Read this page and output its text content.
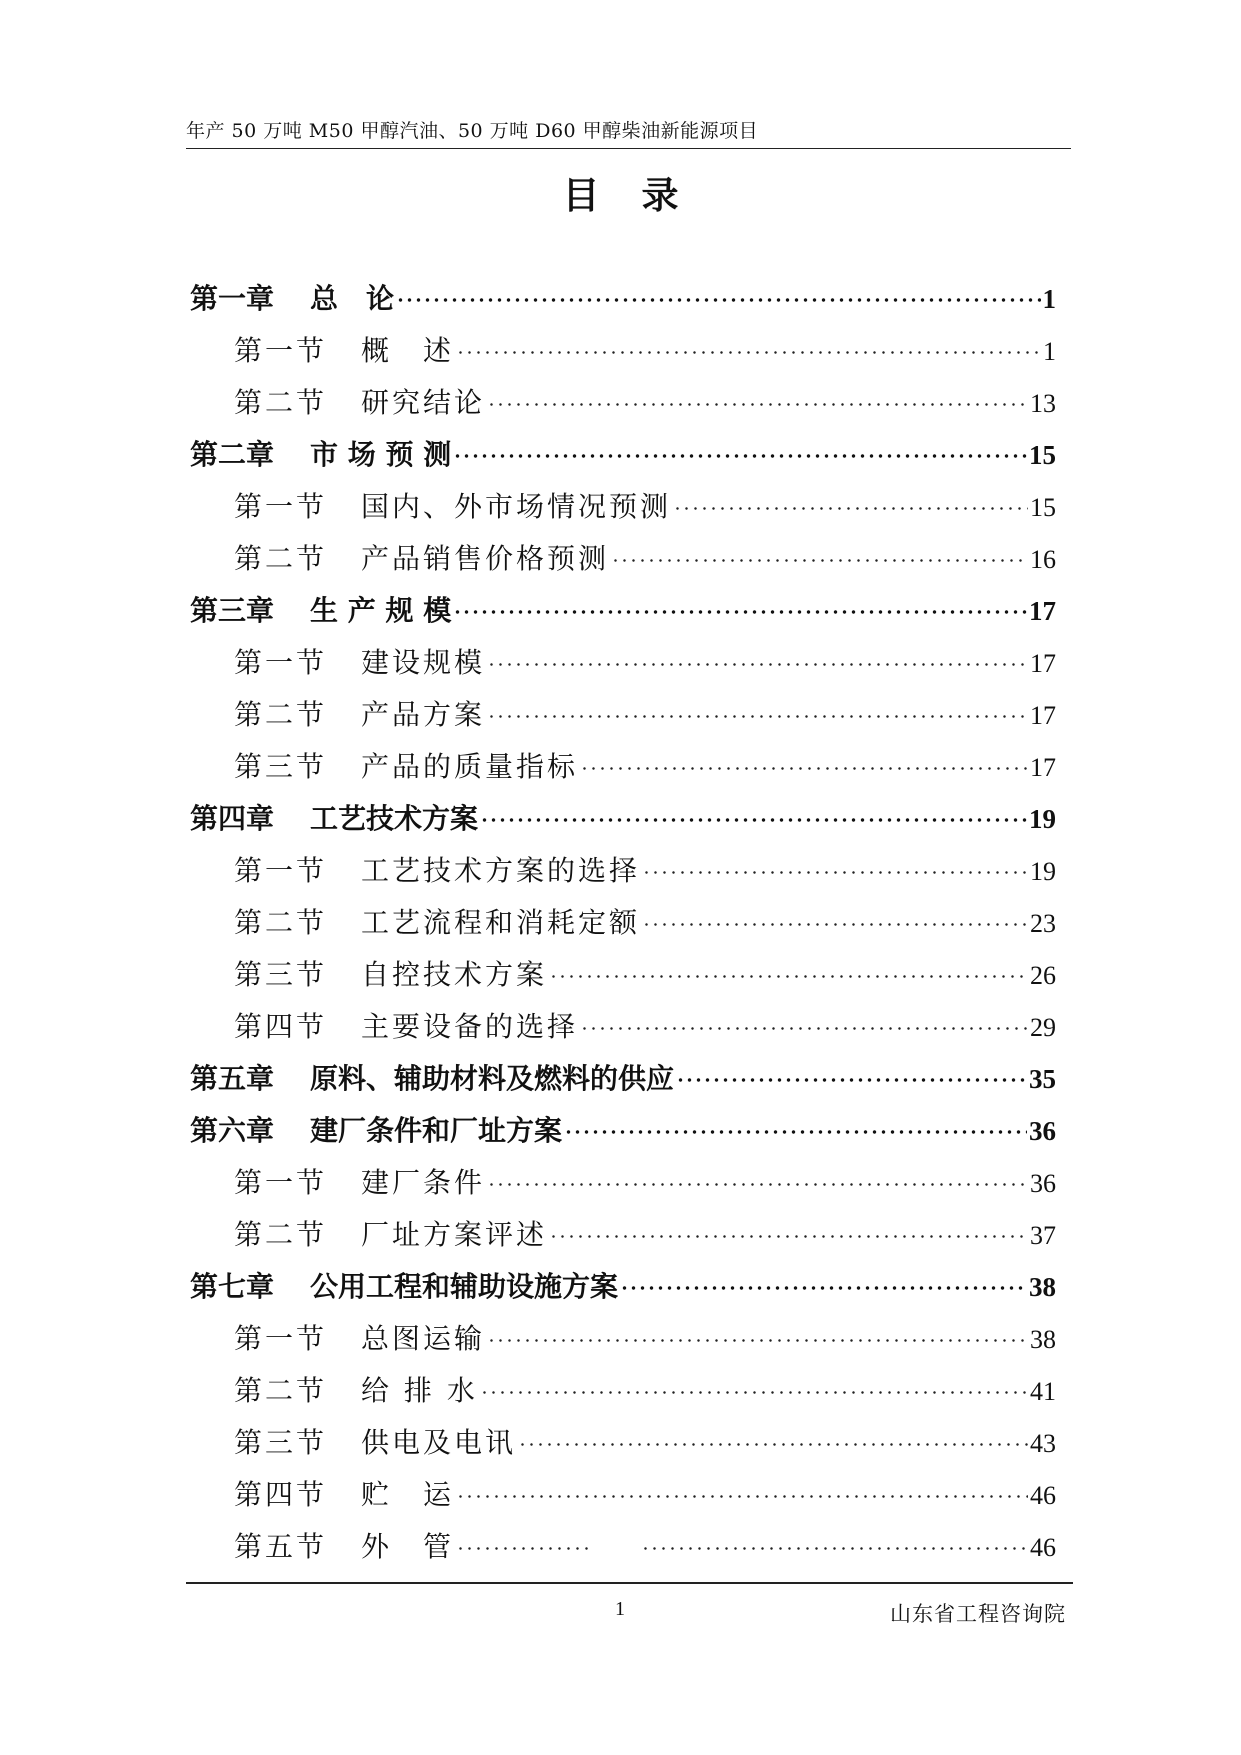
年产 50 万吨 M50 甲醇汽油、50 万吨 D60 甲醇柴油新能源项目
目录
第一章 总　论	1
第一节 概　述	1
第二节 研究结论	13
第二章 市 场 预 测	15
第一节 国内、外市场情况预测	15
第二节 产品销售价格预测	16
第三章 生 产 规 模	17
第一节 建设规模	17
第二节 产品方案	17
第三节 产品的质量指标	17
第四章 工艺技术方案	19
第一节 工艺技术方案的选择	19
第二节 工艺流程和消耗定额	23
第三节 自控技术方案	26
第四节 主要设备的选择	29
第五章 原料、辅助材料及燃料的供应	35
第六章 建厂条件和厂址方案	36
第一节 建厂条件	36
第二节 厂址方案评述	37
第七章 公用工程和辅助设施方案	38
第一节 总图运输	38
第二节 给 排 水	41
第三节 供电及电讯	43
第四节 贮　运	46
第五节 外　管	46
1	山东省工程咨询院
